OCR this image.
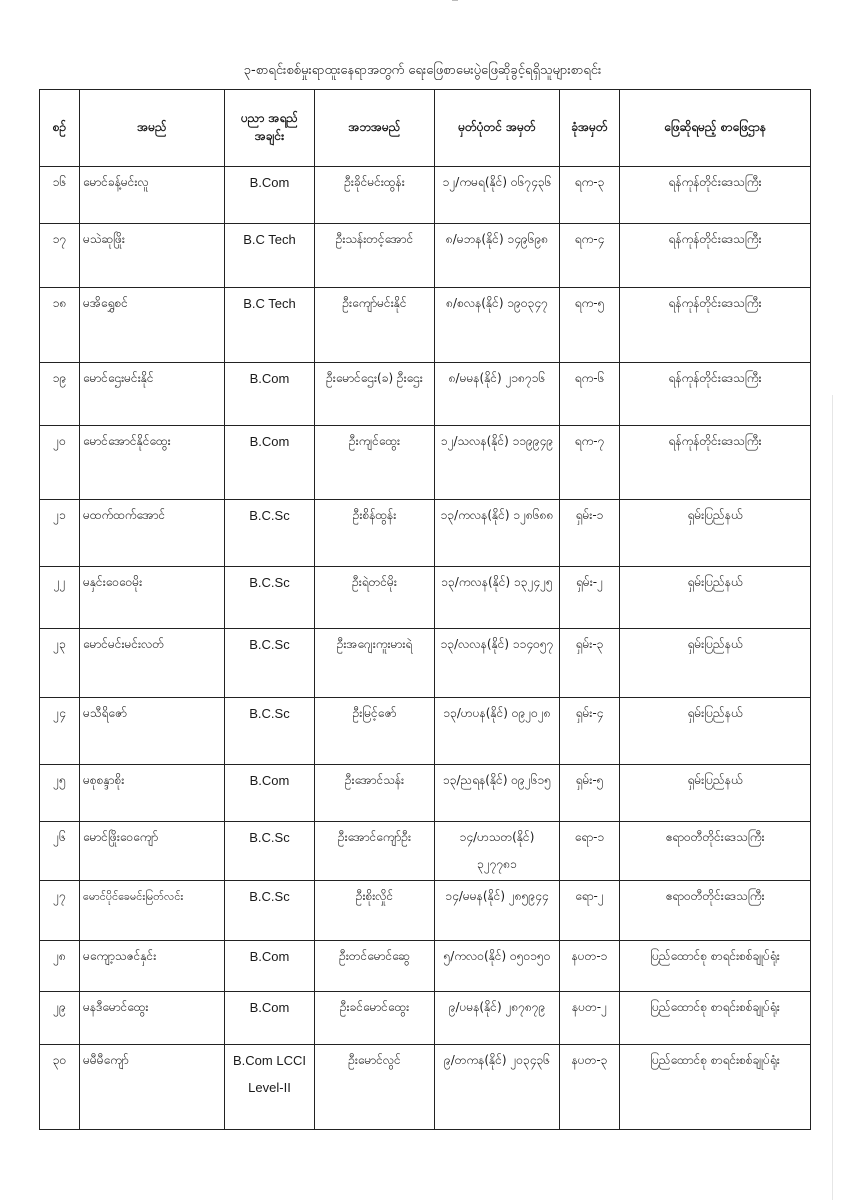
၃-စာရင်းစစ်မှုးရာထူးနေရာအတွက် ရေးဖြေစာမေးပွဲဖြေဆိုခွင့်ရရှိသူများစာရင်း
စဉ်	အမည်	ပညာ အရည် အချင်း	အဘအမည်	မှတ်ပုံတင် အမှတ်	ခုံအမှတ်	ဖြေဆိုရမည့် စာဖြေဌာန
၁၆	မောင်ခန့်မင်းလူ	B.Com	ဦးခိုင်မင်းထွန်း	၁၂/ကမရ(နိုင်) ဝ၆၇၄၃၆	ရက-၃	ရန်ကုန်တိုင်းဒေသကြီး
၁၇	မသဲဆုဖြိုး	B.C Tech	ဦးသန်းတင့်အောင်	၈/မဘန(နိုင်) ၁၄၉၆၉၈	ရက-၄	ရန်ကုန်တိုင်းဒေသကြီး
၁၈	မအိရွှေစင်	B.C Tech	ဦးကျော်မင်းနိုင်	၈/စလန(နိုင်) ၁၉၀၃၄၇	ရက-၅	ရန်ကုန်တိုင်းဒေသကြီး
၁၉	မောင်ဌေးမင်းနိုင်	B.Com	ဦးမောင်ဌေး(ခ) ဦးဌေး	၈/မမန(နိုင်) ၂၁၈၇၁၆	ရက-၆	ရန်ကုန်တိုင်းဒေသကြီး
၂၀	မောင်အောင်နိုင်ထွေး	B.Com	ဦးကျင်ထွေး	၁၂/သလန(နိုင်) ၁၁၉၉၄၉	ရက-၇	ရန်ကုန်တိုင်းဒေသကြီး
၂၁	မထက်ထက်အောင်	B.C.Sc	ဦးစိန်ထွန်း	၁၃/ကလန(နိုင်) ၁၂၈၆၈၈	ရှမ်း-၁	ရှမ်းပြည်နယ်
၂၂	မနှင်းဝေဝေမိုး	B.C.Sc	ဦးရဲတင်မိုး	၁၃/ကလန(နိုင်) ၁၃၂၄၂၅	ရှမ်း-၂	ရှမ်းပြည်နယ်
၂၃	မောင်မင်းမင်းလတ်	B.C.Sc	ဦးအဂျေးကူးမားရဲ	၁၃/လလန(နိုင်) ၁၁၄၀၅၇	ရှမ်း-၃	ရှမ်းပြည်နယ်
၂၄	မသီရိဇော်	B.C.Sc	ဦးမြင့်ဇော်	၁၃/ဟပန(နိုင်) ဝ၉၂၀၂၈	ရှမ်း-၄	ရှမ်းပြည်နယ်
၂၅	မစုစန္ဒာစိုး	B.Com	ဦးအောင်သန်း	၁၃/ညရန(နိုင်) ဝ၉၂၆၁၅	ရှမ်း-၅	ရှမ်းပြည်နယ်
၂၆	မောင်ဖြိုးဝေကျော်	B.C.Sc	ဦးအောင်ကျော်ဦး	၁၄/ဟသတ(နိုင်) ၃၂၇၇၈၁	ရော-၁	ဧရာဝတီတိုင်းဒေသကြီး
၂၇	မောင်ပိုင်ခေမင်းမြတ်လင်း	B.C.Sc	ဦးစိုးလှိုင်	၁၄/မမန(နိုင်) ၂၈၅၉၄၄	ရော-၂	ဧရာဝတီတိုင်းဒေသကြီး
၂၈	မကျော့သဇင်နှင်း	B.Com	ဦးတင်မောင်ဆွေ	၅/ကလဝ(နိုင်) ဝ၅ဝ၁၅ဝ	နပတ-၁	ပြည်ထောင်စု စာရင်းစစ်ချုပ်ရုံး
၂၉	မနဒီမောင်ထွေး	B.Com	ဦးခင်မောင်ထွေး	၉/ပမန(နိုင်) ၂၈၇၈၇၉	နပတ-၂	ပြည်ထောင်စု စာရင်းစစ်ချုပ်ရုံး
၃၀	မမီမီကျော်	B.Com LCCI Level-II	ဦးမောင်လွင်	၉/တကန(နိုင်) ၂ဝ၃၄၃၆	နပတ-၃	ပြည်ထောင်စု စာရင်းစစ်ချုပ်ရုံး
